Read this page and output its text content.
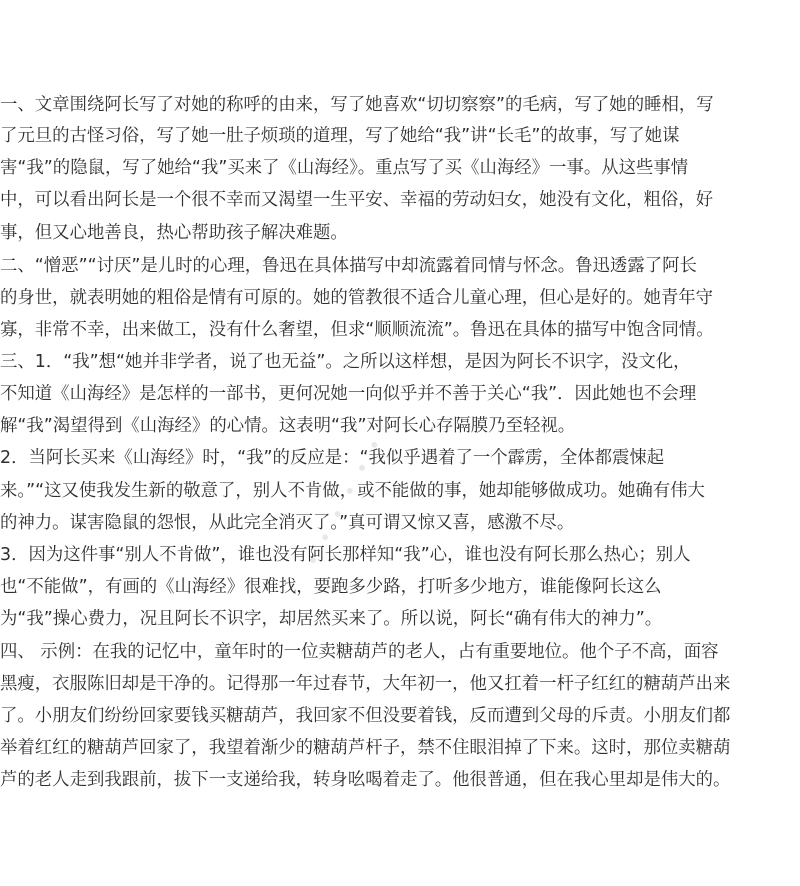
一、文章围绕阿长写了对她的称呼的由来，写了她喜欢“切切察察”的毛病，写了她的睡相，写

了元旦的古怪习俗，写了她一肚子烦琐的道理，写了她给“我”讲“长毛”的故事，写了她谋

害“我”的隐鼠，写了她给“我”买来了《山海经》。重点写了买《山海经》一事。从这些事情

中，可以看出阿长是一个很不幸而又渴望一生平安、幸福的劳动妇女，她没有文化，粗俗，好

事，但又心地善良，热心帮助孩子解决难题。

二、“憎恶”“讨厌”是儿时的心理，鲁迅在具体描写中却流露着同情与怀念。鲁迅透露了阿长

的身世，就表明她的粗俗是情有可原的。她的管教很不适合儿童心理，但心是好的。她青年守

寡，非常不幸，出来做工，没有什么奢望，但求“顺顺流流”。鲁迅在具体的描写中饱含同情。

三、1．“我”想“她并非学者，说了也无益”。之所以这样想，是因为阿长不识字，没文化，

不知道《山海经》是怎样的一部书，更何况她一向似乎并不善于关心“我”．因此她也不会理

解“我”渴望得到《山海经》的心情。这表明“我”对阿长心存隔膜乃至轻视。

2．当阿长买来《山海经》时，“我”的反应是：“我似乎遇着了一个霹雳，全体都震悚起

来。”“这又使我发生新的敬意了，别人不肯做，或不能做的事，她却能够做成功。她确有伟大

的神力。谋害隐鼠的怨恨，从此完全消灭了。”真可谓又惊又喜，感激不尽。

3．因为这件事“别人不肯做”，谁也没有阿长那样知“我”心，谁也没有阿长那么热心；别人

也“不能做”，有画的《山海经》很难找，要跑多少路，打听多少地方，谁能像阿长这么

为“我”操心费力，况且阿长不识字，却居然买来了。所以说，阿长“确有伟大的神力”。

四、 示例：在我的记忆中，童年时的一位卖糖葫芦的老人，占有重要地位。他个子不高，面容

黑瘦，衣服陈旧却是干净的。记得那一年过春节，大年初一，他又扛着一杆子红红的糖葫芦出来

了。小朋友们纷纷回家要钱买糖葫芦，我回家不但没要着钱，反而遭到父母的斥责。小朋友们都

举着红红的糖葫芦回家了，我望着渐少的糖葫芦杆子，禁不住眼泪掉了下来。这时，那位卖糖葫

芦的老人走到我跟前，拔下一支递给我，转身吆喝着走了。他很普通，但在我心里却是伟大的。

• • • • • •
